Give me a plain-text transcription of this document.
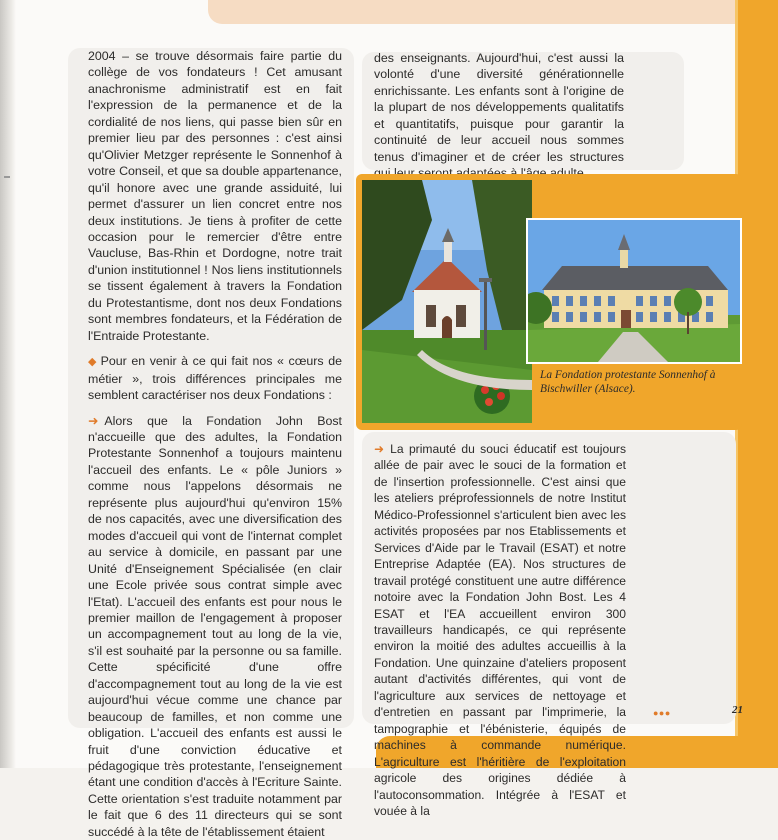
2004 – se trouve désormais faire partie du collège de vos fondateurs ! Cet amusant anachronisme administratif est en fait l'expression de la permanence et de la cordialité de nos liens, qui passe bien sûr en premier lieu par des personnes : c'est ainsi qu'Olivier Metzger représente le Sonnenhof à votre Conseil, et que sa double appartenance, qu'il honore avec une grande assiduité, lui permet d'assurer un lien concret entre nos deux institutions. Je tiens à profiter de cette occasion pour le remercier d'être entre Vaucluse, Bas-Rhin et Dordogne, notre trait d'union institutionnel ! Nos liens institutionnels se tissent également à travers la Fondation du Protestantisme, dont nos deux Fondations sont membres fondateurs, et la Fédération de l'Entraide Protestante.

◆ Pour en venir à ce qui fait nos « cœurs de métier », trois différences principales me semblent caractériser nos deux Fondations :

➜ Alors que la Fondation John Bost n'accueille que des adultes, la Fondation Protestante Sonnenhof a toujours maintenu l'accueil des enfants. Le « pôle Juniors » comme nous l'appelons désormais ne représente plus aujourd'hui qu'environ 15% de nos capacités, avec une diversification des modes d'accueil qui vont de l'internat complet au service à domicile, en passant par une Unité d'Enseignement Spécialisée (en clair une Ecole privée sous contrat simple avec l'Etat). L'accueil des enfants est pour nous le premier maillon de l'engagement à proposer un accompagnement tout au long de la vie, s'il est souhaité par la personne ou sa famille. Cette spécificité d'une offre d'accompagnement tout au long de la vie est aujourd'hui vécue comme une chance par beaucoup de familles, et non comme une obligation. L'accueil des enfants est aussi le fruit d'une conviction éducative et pédagogique très protestante, l'enseignement étant une condition d'accès à l'Ecriture Sainte. Cette orientation s'est traduite notamment par le fait que 6 des 11 directeurs qui se sont succédé à la tête de l'établissement étaient

des enseignants. Aujourd'hui, c'est aussi la volonté d'une diversité générationnelle enrichissante. Les enfants sont à l'origine de la plupart de nos développements qualitatifs et quantitatifs, puisque pour garantir la continuité de leur accueil nous sommes tenus d'imaginer et de créer les structures

La Fondation protestante Sonnenhof à Bischwiller (Alsace).

➜ La primauté du souci éducatif est toujours allée de pair avec le souci de la formation et de l'insertion professionnelle. C'est ainsi que les ateliers préprofessionnels de notre Institut Médico-Professionnel s'articulent bien avec les activités proposées par nos Etablissements et Services d'Aide par le Travail (ESAT) et notre Entreprise Adaptée (EA). Nos structures de travail protégé constituent une autre différence notoire avec la Fondation John Bost. Les 4 ESAT et l'EA accueillent environ 300 travailleurs handicapés, ce qui représente environ la moitié des adultes accueillis à la Fondation. Une quinzaine d'ateliers proposent autant d'activités différentes, qui vont de l'agriculture aux services de nettoyage et d'entretien en passant par l'imprimerie, la tampographie et l'ébénisterie, équipés de machines à commande numérique. L'agriculture est l'héritière de l'exploitation agricole des origines dédiée à l'autoconsommation. Intégrée à l'ESAT et vouée à la

● ● ●	21
